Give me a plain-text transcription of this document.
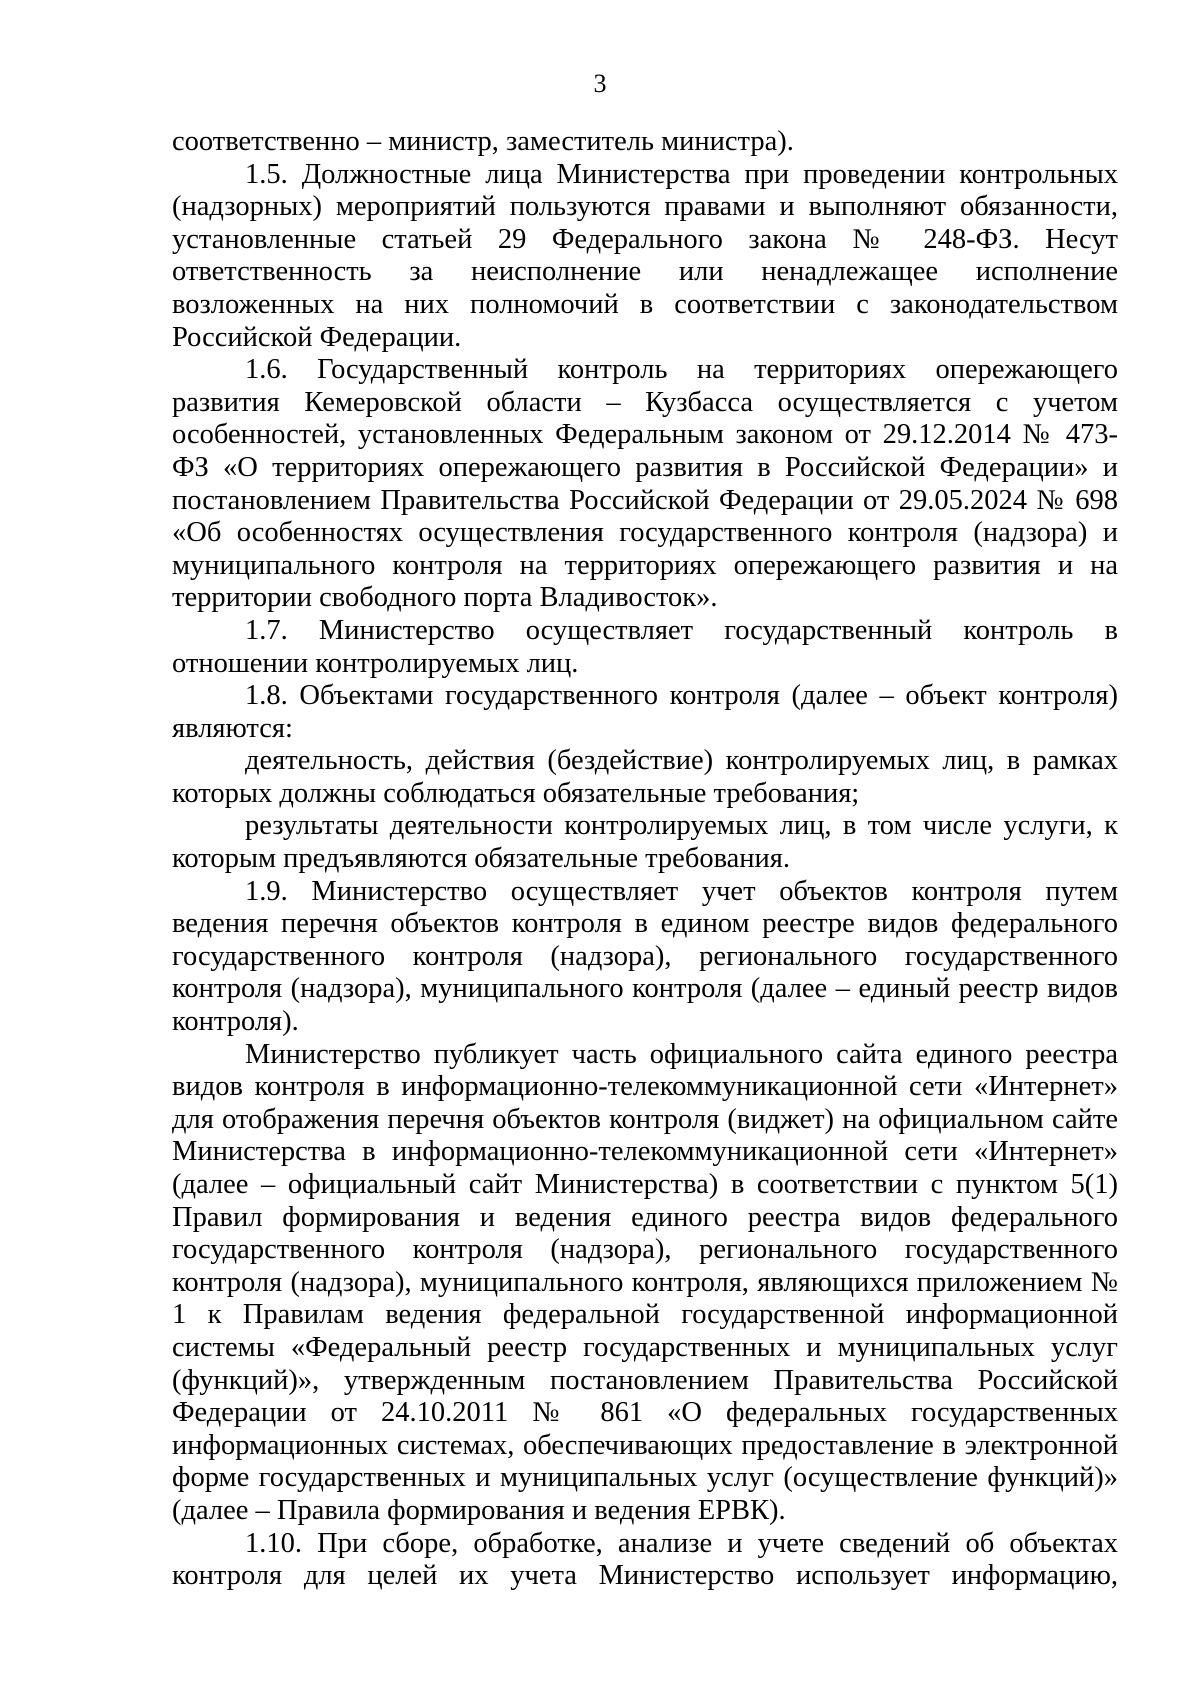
3

соответственно – министр, заместитель министра).

1.5. Должностные лица Министерства при проведении контрольных (надзорных) мероприятий пользуются правами и выполняют обязанности, установленные статьей 29 Федерального закона № 248-ФЗ. Несут ответственность за неисполнение или ненадлежащее исполнение возложенных на них полномочий в соответствии с законодательством Российской Федерации.

1.6. Государственный контроль на территориях опережающего развития Кемеровской области – Кузбасса осуществляется с учетом особенностей, установленных Федеральным законом от 29.12.2014 № 473-ФЗ «О территориях опережающего развития в Российской Федерации» и постановлением Правительства Российской Федерации от 29.05.2024 № 698 «Об особенностях осуществления государственного контроля (надзора) и муниципального контроля на территориях опережающего развития и на территории свободного порта Владивосток».

1.7. Министерство осуществляет государственный контроль в отношении контролируемых лиц.

1.8. Объектами государственного контроля (далее – объект контроля) являются:

деятельность, действия (бездействие) контролируемых лиц, в рамках которых должны соблюдаться обязательные требования;

результаты деятельности контролируемых лиц, в том числе услуги, к которым предъявляются обязательные требования.

1.9. Министерство осуществляет учет объектов контроля путем ведения перечня объектов контроля в едином реестре видов федерального государственного контроля (надзора), регионального государственного контроля (надзора), муниципального контроля (далее – единый реестр видов контроля).

Министерство публикует часть официального сайта единого реестра видов контроля в информационно-телекоммуникационной сети «Интернет» для отображения перечня объектов контроля (виджет) на официальном сайте Министерства в информационно-телекоммуникационной сети «Интернет» (далее – официальный сайт Министерства) в соответствии с пунктом 5(1) Правил формирования и ведения единого реестра видов федерального государственного контроля (надзора), регионального государственного контроля (надзора), муниципального контроля, являющихся приложением № 1 к Правилам ведения федеральной государственной информационной системы «Федеральный реестр государственных и муниципальных услуг (функций)», утвержденным постановлением Правительства Российской Федерации от 24.10.2011 № 861 «О федеральных государственных информационных системах, обеспечивающих предоставление в электронной форме государственных и муниципальных услуг (осуществление функций)» (далее – Правила формирования и ведения ЕРВК).

1.10. При сборе, обработке, анализе и учете сведений об объектах контроля для целей их учета Министерство использует информацию,
